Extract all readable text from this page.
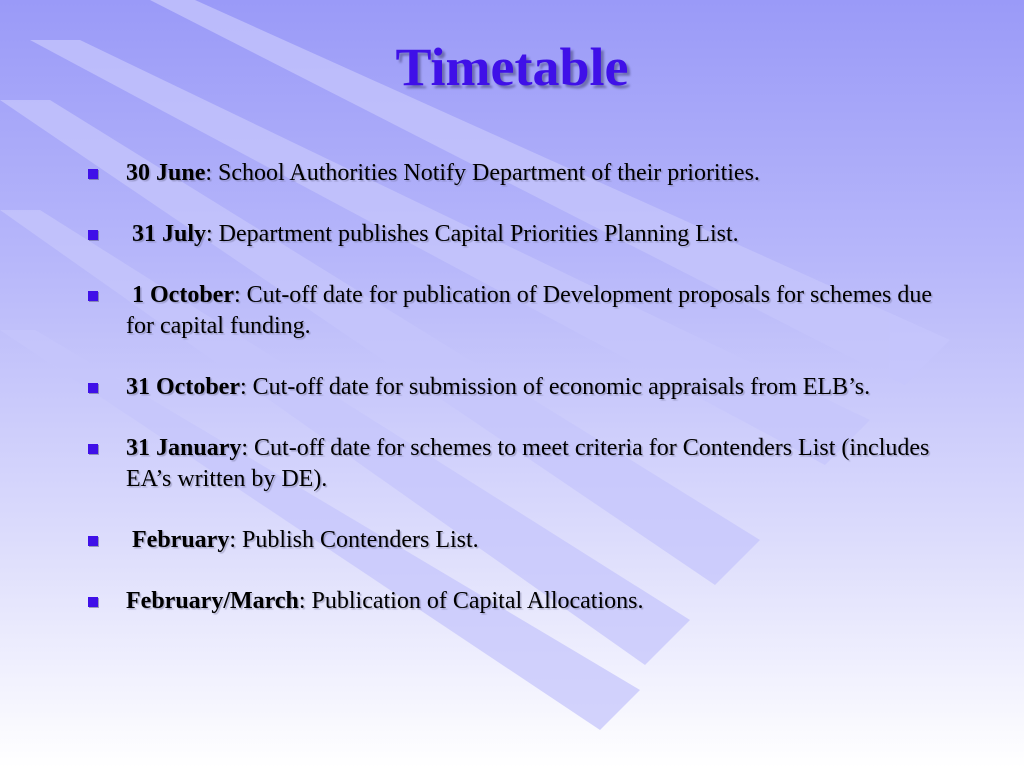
Timetable
30 June: School Authorities Notify Department of their priorities.
31 July: Department publishes Capital Priorities Planning List.
1 October: Cut-off date for publication of Development proposals for schemes due for capital funding.
31 October: Cut-off date for submission of economic appraisals from ELB’s.
31 January: Cut-off date for schemes to meet criteria for Contenders List (includes EA’s written by DE).
February: Publish Contenders List.
February/March: Publication of Capital Allocations.
